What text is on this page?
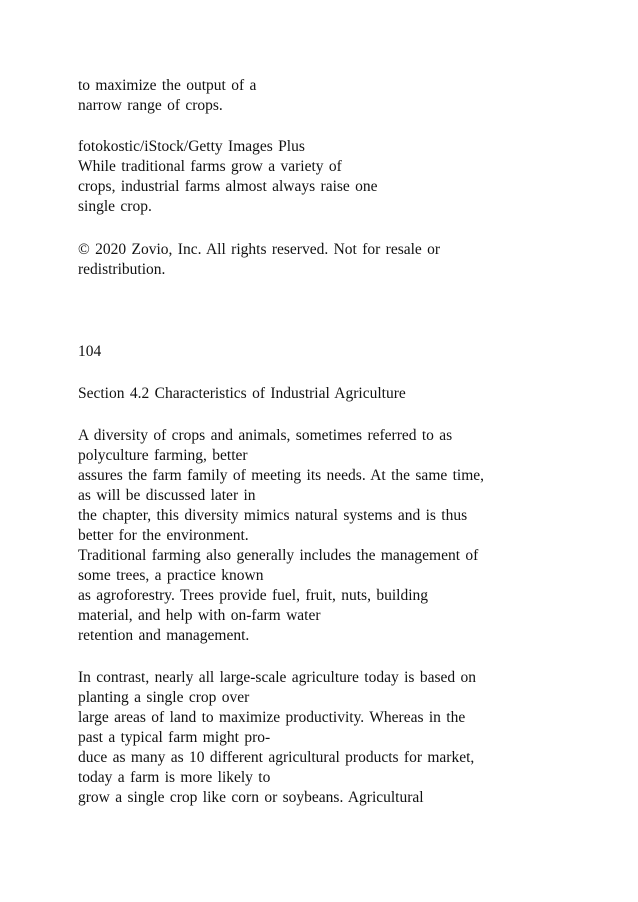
to maximize the output of a
narrow range of crops.
fotokostic/iStock/Getty Images Plus
While traditional farms grow a variety of
crops, industrial farms almost always raise one
single crop.
© 2020 Zovio, Inc. All rights reserved. Not for resale or
redistribution.
104
Section 4.2 Characteristics of Industrial Agriculture
A diversity of crops and animals, sometimes referred to as
polyculture farming, better
assures the farm family of meeting its needs. At the same time,
as will be discussed later in
the chapter, this diversity mimics natural systems and is thus
better for the environment.
Traditional farming also generally includes the management of
some trees, a practice known
as agroforestry. Trees provide fuel, fruit, nuts, building
material, and help with on-farm water
retention and management.
In contrast, nearly all large-scale agriculture today is based on
planting a single crop over
large areas of land to maximize productivity. Whereas in the
past a typical farm might pro-
duce as many as 10 different agricultural products for market,
today a farm is more likely to
grow a single crop like corn or soybeans. Agricultural
